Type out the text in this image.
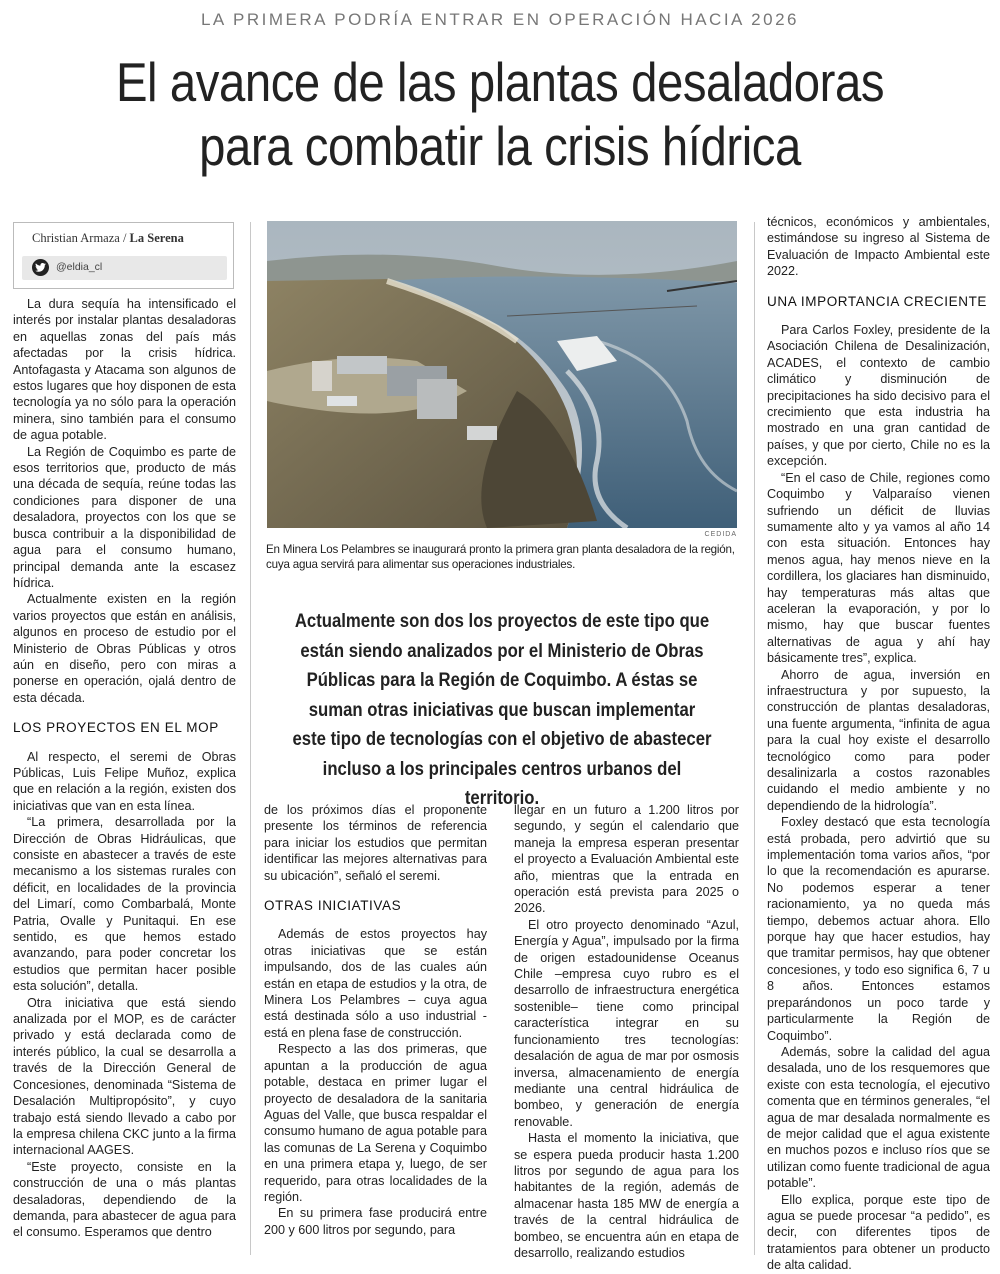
LA PRIMERA PODRÍA ENTRAR EN OPERACIÓN HACIA 2026
El avance de las plantas desaladoras
para combatir la crisis hídrica
Christian Armaza / La Serena
@eldia_cl

La dura sequía ha intensificado el interés por instalar plantas desaladoras en aquellas zonas del país más afectadas por la crisis hídrica. Antofagasta y Atacama son algunos de estos lugares que hoy disponen de esta tecnología ya no sólo para la operación minera, sino también para el consumo de agua potable.

La Región de Coquimbo es parte de esos territorios que, producto de más una década de sequía, reúne todas las condiciones para disponer de una desaladora, proyectos con los que se busca contribuir a la disponibilidad de agua para el consumo humano, principal demanda ante la escasez hídrica.

Actualmente existen en la región varios proyectos que están en análisis, algunos en proceso de estudio por el Ministerio de Obras Públicas y otros aún en diseño, pero con miras a ponerse en operación, ojalá dentro de esta década.

LOS PROYECTOS EN EL MOP

Al respecto, el seremi de Obras Públicas, Luis Felipe Muñoz, explica que en relación a la región, existen dos iniciativas que van en esta línea.

“La primera, desarrollada por la Dirección de Obras Hidráulicas, que consiste en abastecer a través de este mecanismo a los sistemas rurales con déficit, en localidades de la provincia del Limarí, como Combarbalá, Monte Patria, Ovalle y Punitaqui. En ese sentido, es que hemos estado avanzando, para poder concretar los estudios que permitan hacer posible esta solución”, detalla.

Otra iniciativa que está siendo analizada por el MOP, es de carácter privado y está declarada como de interés público, la cual se desarrolla a través de la Dirección General de Concesiones, denominada “Sistema de Desalación Multipropósito”, y cuyo trabajo está siendo llevado a cabo por la empresa chilena CKC junto a la firma internacional AAGES.

“Este proyecto, consiste en la construcción de una o más plantas desaladoras, dependiendo de la demanda, para abastecer de agua para el consumo. Esperamos que dentro

CEDIDA
En Minera Los Pelambres se inaugurará pronto la primera gran planta desaladora de la región, cuya agua servirá para alimentar sus operaciones industriales.
Actualmente son dos los proyectos de este tipo que están siendo analizados por el Ministerio de Obras Públicas para la Región de Coquimbo. A éstas se suman otras iniciativas que buscan implementar este tipo de tecnologías con el objetivo de abastecer incluso a los principales centros urbanos del territorio.

de los próximos días el proponente presente los términos de referencia para iniciar los estudios que permitan identificar las mejores alternativas para su ubicación”, señaló el seremi.

OTRAS INICIATIVAS

Además de estos proyectos hay otras iniciativas que se están impulsando, dos de las cuales aún están en etapa de estudios y la otra, de Minera Los Pelambres – cuya agua está destinada sólo a uso industrial - está en plena fase de construcción.

Respecto a las dos primeras, que apuntan a la producción de agua potable, destaca en primer lugar el proyecto de desaladora de la sanitaria Aguas del Valle, que busca respaldar el consumo humano de agua potable para las comunas de La Serena y Coquimbo en una primera etapa y, luego, de ser requerido, para otras localidades de la región.

En su primera fase producirá entre 200 y 600 litros por segundo, para

llegar en un futuro a 1.200 litros por segundo, y según el calendario que maneja la empresa esperan presentar el proyecto a Evaluación Ambiental este año, mientras que la entrada en operación está prevista para 2025 o 2026.

El otro proyecto denominado “Azul, Energía y Agua”, impulsado por la firma de origen estadounidense Oceanus Chile –empresa cuyo rubro es el desarrollo de infraestructura energética sostenible– tiene como principal característica integrar en su funcionamiento tres tecnologías: desalación de agua de mar por osmosis inversa, almacenamiento de energía mediante una central hidráulica de bombeo, y generación de energía renovable.

Hasta el momento la iniciativa, que se espera pueda producir hasta 1.200 litros por segundo de agua para los habitantes de la región, además de almacenar hasta 185 MW de energía a través de la central hidráulica de bombeo, se encuentra aún en etapa de desarrollo, realizando estudios

técnicos, económicos y ambientales, estimándose su ingreso al Sistema de Evaluación de Impacto Ambiental este 2022.

UNA IMPORTANCIA CRECIENTE

Para Carlos Foxley, presidente de la Asociación Chilena de Desalinización, ACADES, el contexto de cambio climático y disminución de precipitaciones ha sido decisivo para el crecimiento que esta industria ha mostrado en una gran cantidad de países, y que por cierto, Chile no es la excepción.

“En el caso de Chile, regiones como Coquimbo y Valparaíso vienen sufriendo un déficit de lluvias sumamente alto y ya vamos al año 14 con esta situación. Entonces hay menos agua, hay menos nieve en la cordillera, los glaciares han disminuido, hay temperaturas más altas que aceleran la evaporación, y por lo mismo, hay que buscar fuentes alternativas de agua y ahí hay básicamente tres”, explica.

Ahorro de agua, inversión en infraestructura y por supuesto, la construcción de plantas desaladoras, una fuente argumenta, “infinita de agua para la cual hoy existe el desarrollo tecnológico como para poder desalinizarla a costos razonables cuidando el medio ambiente y no dependiendo de la hidrología”.

Foxley destacó que esta tecnología está probada, pero advirtió que su implementación toma varios años, “por lo que la recomendación es apurarse. No podemos esperar a tener racionamiento, ya no queda más tiempo, debemos actuar ahora. Ello porque hay que hacer estudios, hay que tramitar permisos, hay que obtener concesiones, y todo eso significa 6, 7 u 8 años. Entonces estamos preparándonos un poco tarde y particularmente la Región de Coquimbo”.

Además, sobre la calidad del agua desalada, uno de los resquemores que existe con esta tecnología, el ejecutivo comenta que en términos generales, “el agua de mar desalada normalmente es de mejor calidad que el agua existente en muchos pozos e incluso ríos que se utilizan como fuente tradicional de agua potable”.

Ello explica, porque este tipo de agua se puede procesar “a pedido”, es decir, con diferentes tipos de tratamientos para obtener un producto de alta calidad.
